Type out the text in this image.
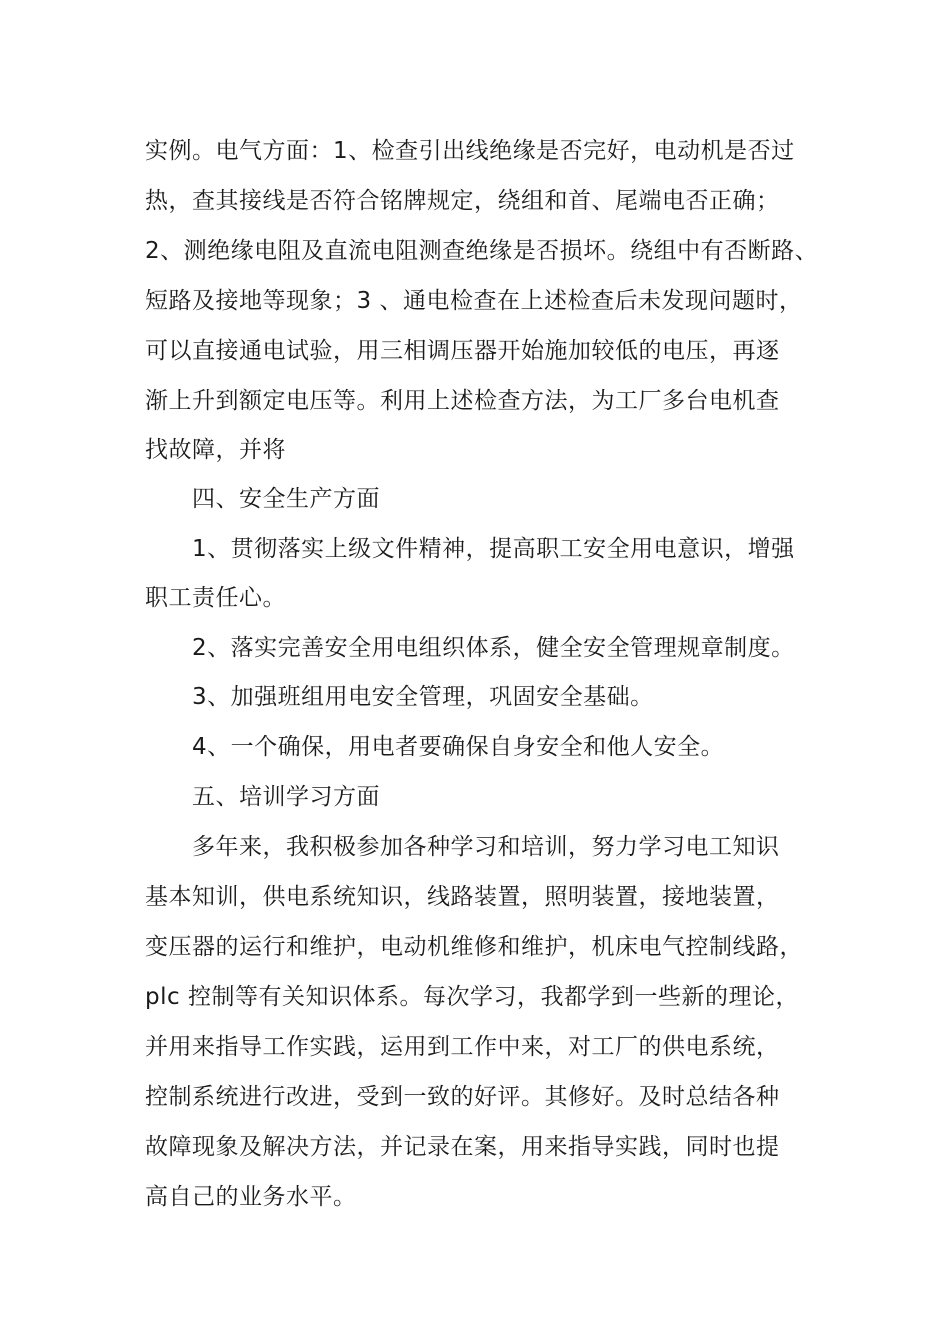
实例。电气方面：1、检查引出线绝缘是否完好，电动机是否过
热，查其接线是否符合铭牌规定，绕组和首、尾端电否正确；
2、测绝缘电阻及直流电阻测查绝缘是否损坏。绕组中有否断路、
短路及接地等现象；3 、通电检查在上述检查后未发现问题时，
可以直接通电试验，用三相调压器开始施加较低的电压，再逐
渐上升到额定电压等。利用上述检查方法，为工厂多台电机查
找故障，并将
四、安全生产方面
1、贯彻落实上级文件精神，提高职工安全用电意识，增强
职工责任心。
2、落实完善安全用电组织体系，健全安全管理规章制度。
3、加强班组用电安全管理，巩固安全基础。
4、一个确保，用电者要确保自身安全和他人安全。
五、培训学习方面
多年来，我积极参加各种学习和培训，努力学习电工知识
基本知训，供电系统知识，线路装置，照明装置，接地装置，
变压器的运行和维护，电动机维修和维护，机床电气控制线路，
plc 控制等有关知识体系。每次学习，我都学到一些新的理论，
并用来指导工作实践，运用到工作中来，对工厂的供电系统，
控制系统进行改进，受到一致的好评。其修好。及时总结各种
故障现象及解决方法，并记录在案，用来指导实践，同时也提
高自己的业务水平。
